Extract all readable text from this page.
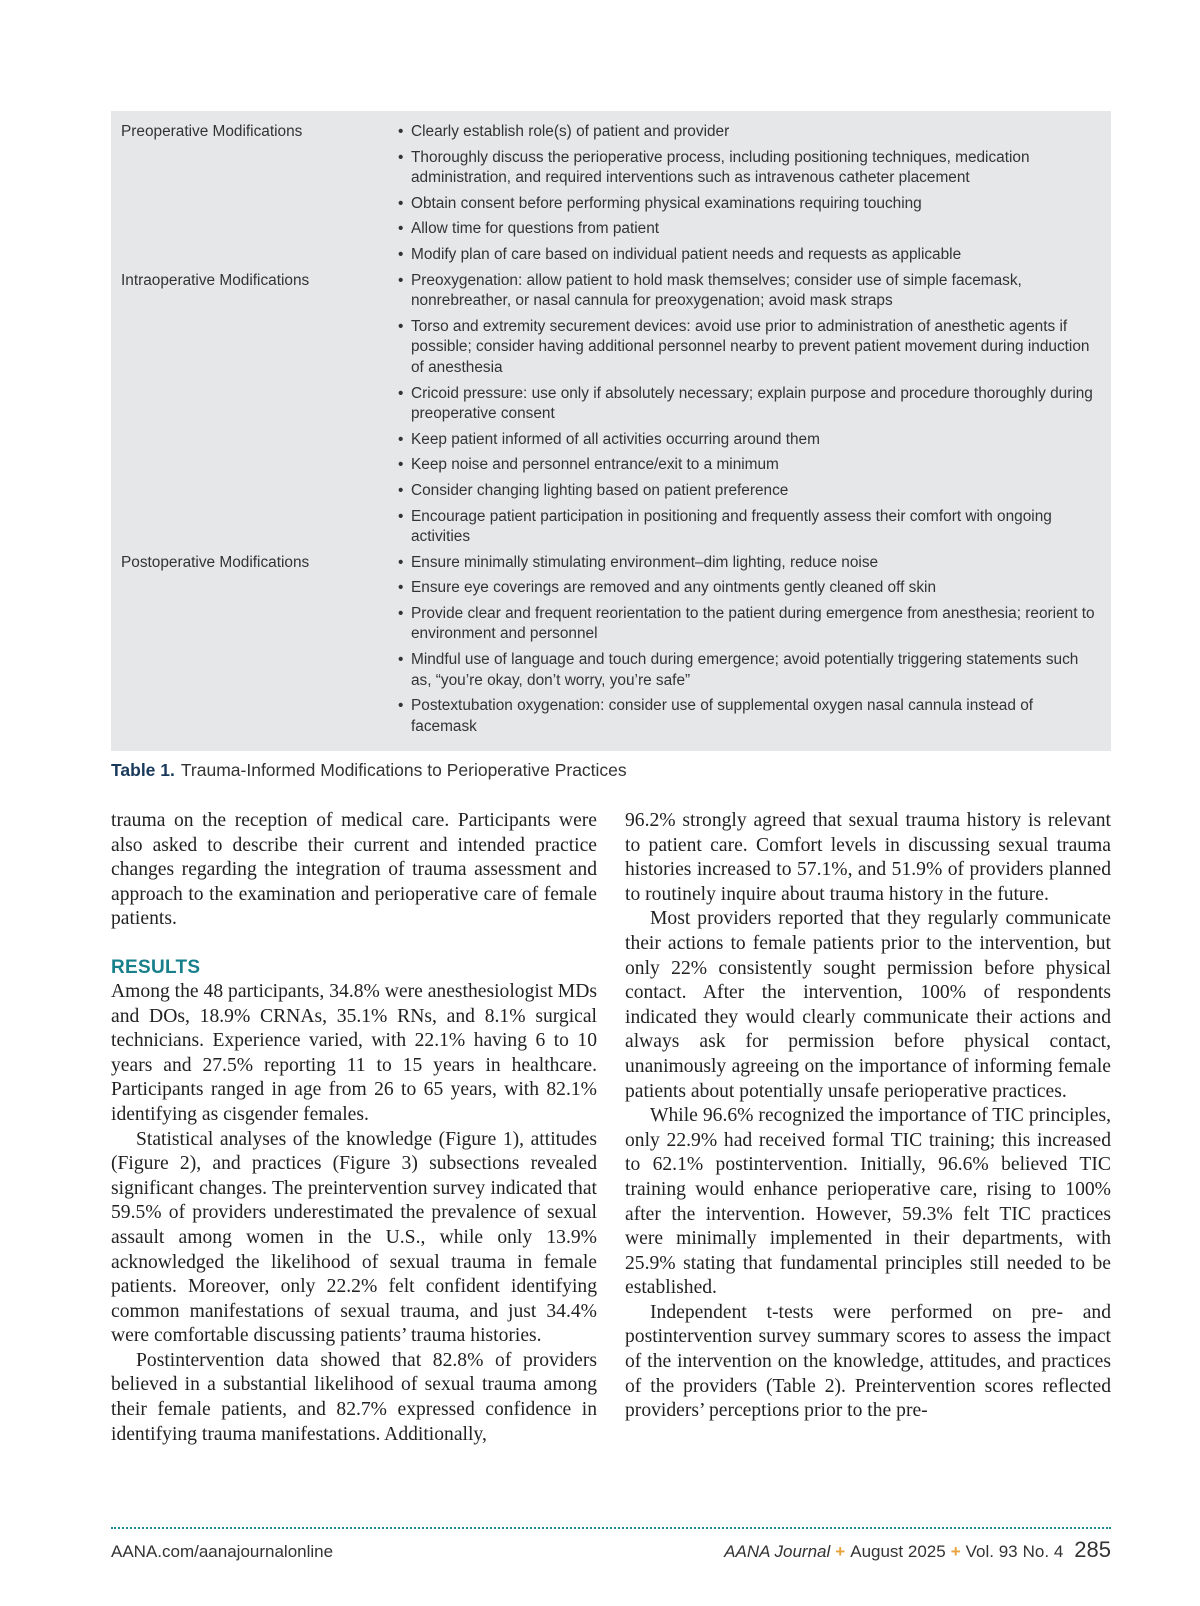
Preoperative Modifications	• Clearly establish role(s) of patient and provider
• Thoroughly discuss the perioperative process, including positioning techniques, medication administration, and required interventions such as intravenous catheter placement
• Obtain consent before performing physical examinations requiring touching
• Allow time for questions from patient
• Modify plan of care based on individual patient needs and requests as applicable
Intraoperative Modifications	• Preoxygenation: allow patient to hold mask themselves; consider use of simple facemask, nonrebreather, or nasal cannula for preoxygenation; avoid mask straps
• Torso and extremity securement devices: avoid use prior to administration of anesthetic agents if possible; consider having additional personnel nearby to prevent patient movement during induction of anesthesia
• Cricoid pressure: use only if absolutely necessary; explain purpose and procedure thoroughly during preoperative consent
• Keep patient informed of all activities occurring around them
• Keep noise and personnel entrance/exit to a minimum
• Consider changing lighting based on patient preference
• Encourage patient participation in positioning and frequently assess their comfort with ongoing activities
Postoperative Modifications	• Ensure minimally stimulating environment–dim lighting, reduce noise
• Ensure eye coverings are removed and any ointments gently cleaned off skin
• Provide clear and frequent reorientation to the patient during emergence from anesthesia; reorient to environment and personnel
• Mindful use of language and touch during emergence; avoid potentially triggering statements such as, “you’re okay, don’t worry, you’re safe”
• Postextubation oxygenation: consider use of supplemental oxygen nasal cannula instead of facemask
Table 1. Trauma-Informed Modifications to Perioperative Practices

trauma on the reception of medical care. Participants were also asked to describe their current and intended practice changes regarding the integration of trauma assessment and approach to the examination and perioperative care of female patients.

RESULTS

Among the 48 participants, 34.8% were anesthesiologist MDs and DOs, 18.9% CRNAs, 35.1% RNs, and 8.1% surgical technicians. Experience varied, with 22.1% having 6 to 10 years and 27.5% reporting 11 to 15 years in healthcare. Participants ranged in age from 26 to 65 years, with 82.1% identifying as cisgender females.

Statistical analyses of the knowledge (Figure 1), attitudes (Figure 2), and practices (Figure 3) subsections revealed significant changes. The preintervention survey indicated that 59.5% of providers underestimated the prevalence of sexual assault among women in the U.S., while only 13.9% acknowledged the likelihood of sexual trauma in female patients. Moreover, only 22.2% felt confident identifying common manifestations of sexual trauma, and just 34.4% were comfortable discussing patients’ trauma histories.

Postintervention data showed that 82.8% of providers believed in a substantial likelihood of sexual trauma among their female patients, and 82.7% expressed confidence in identifying trauma manifestations. Additionally,

96.2% strongly agreed that sexual trauma history is relevant to patient care. Comfort levels in discussing sexual trauma histories increased to 57.1%, and 51.9% of providers planned to routinely inquire about trauma history in the future.

Most providers reported that they regularly communicate their actions to female patients prior to the intervention, but only 22% consistently sought permission before physical contact. After the intervention, 100% of respondents indicated they would clearly communicate their actions and always ask for permission before physical contact, unanimously agreeing on the importance of informing female patients about potentially unsafe perioperative practices.

While 96.6% recognized the importance of TIC principles, only 22.9% had received formal TIC training; this increased to 62.1% postintervention. Initially, 96.6% believed TIC training would enhance perioperative care, rising to 100% after the intervention. However, 59.3% felt TIC practices were minimally implemented in their departments, with 25.9% stating that fundamental principles still needed to be established.

Independent t-tests were performed on pre- and postintervention survey summary scores to assess the impact of the intervention on the knowledge, attitudes, and practices of the providers (Table 2). Preintervention scores reflected providers’ perceptions prior to the pre-

AANA.com/aanajournalonline	AANA Journal + August 2025 + Vol. 93 No. 4 285
